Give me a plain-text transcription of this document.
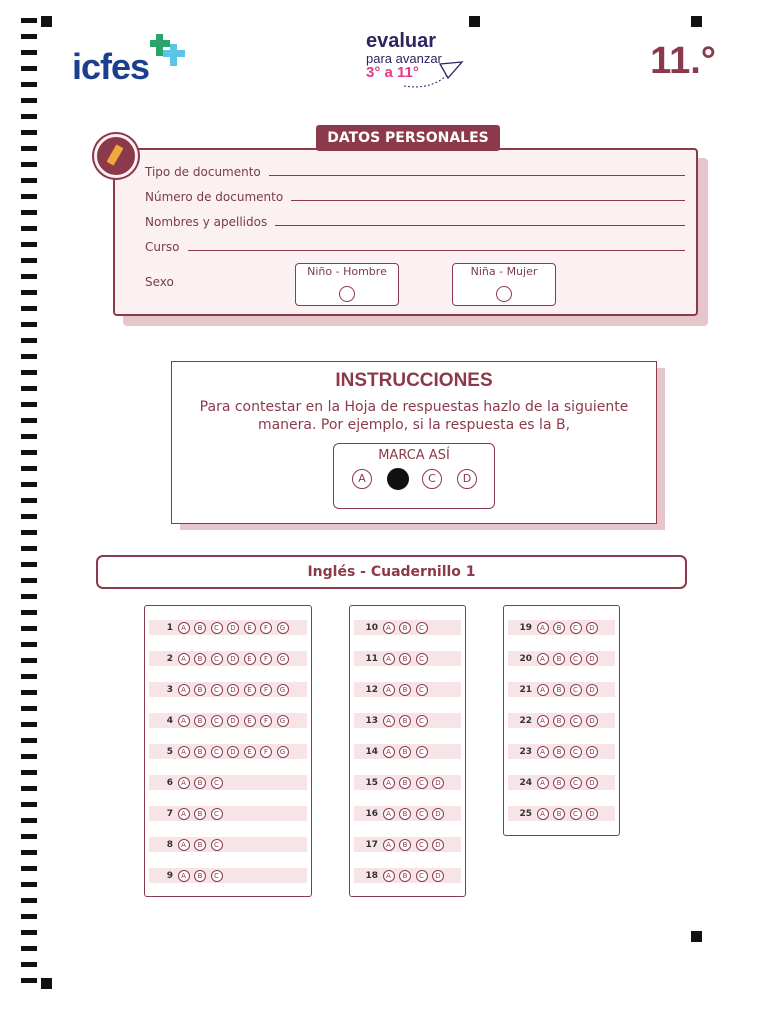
icfes
evaluar
para avanzar
3° a 11°	11.°
DATOS PERSONALES
Tipo de documento
Número de documento
Nombres y apellidos
Curso
Sexo
Niño - Hombre	Niña - Mujer
INSTRUCCIONES
Para contestar en la Hoja de respuestas hazlo de la siguiente manera. Por ejemplo, si la respuesta es la B,
MARCA ASÍ
A	B	C	D
Inglés - Cuadernillo 1
1	A	B	C	D	E	F	G
2	A	B	C	D	E	F	G
3	A	B	C	D	E	F	G
4	A	B	C	D	E	F	G
5	A	B	C	D	E	F	G
6	A	B	C
7	A	B	C
8	A	B	C
9	A	B	C
10	A	B	C
11	A	B	C
12	A	B	C
13	A	B	C
14	A	B	C
15	A	B	C	D
16	A	B	C	D
17	A	B	C	D
18	A	B	C	D
19	A	B	C	D
20	A	B	C	D
21	A	B	C	D
22	A	B	C	D
23	A	B	C	D
24	A	B	C	D
25	A	B	C	D
